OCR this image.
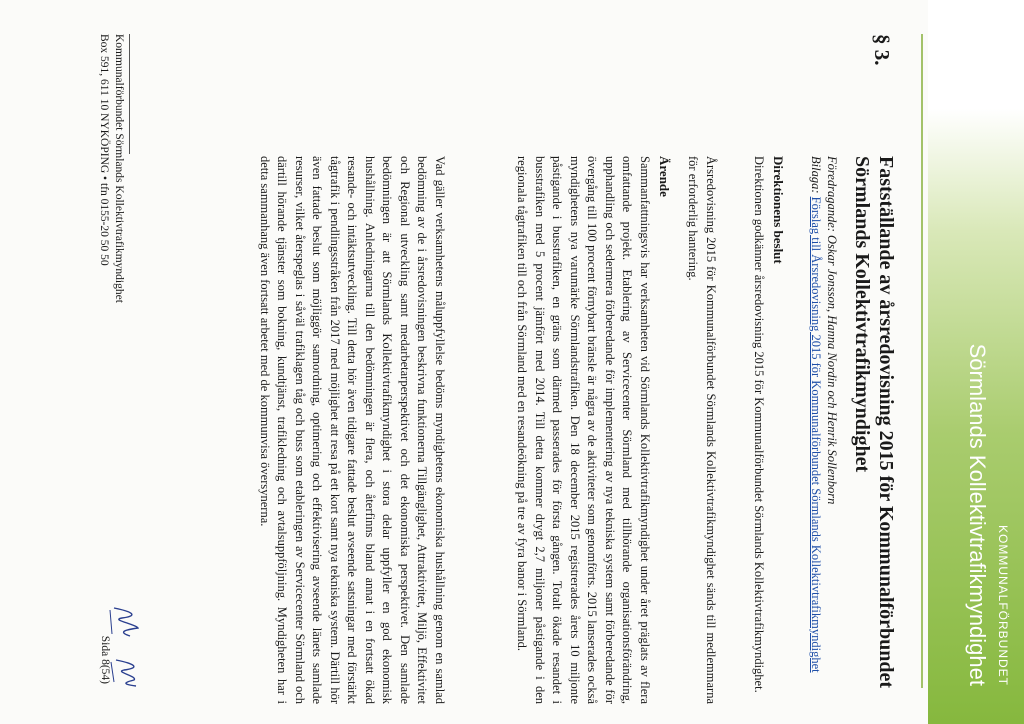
KOMMUNALFÖRBUNDET
Sörmlands Kollektivtrafikmyndighet
§ 3.
Fastställande av årsredovisning 2015 för Kommunalförbundet Sörmlands Kollektivtrafikmyndighet
Föredragande: Oskar Jonsson, Hanna Nordin och Henrik Sollenborn
Bilaga: Förslag till Årsredovisning 2015 för Kommunalförbundet Sörmlands Kollektivtrafikmyndighet
Direktionens beslut
Direktionen godkänner årsredovisning 2015 för Kommunalförbundet Sörmlands Kollektivtrafikmyndighet.
Årsredovisning 2015 för Kommunalförbundet Sörmlands Kollektivtrafikmyndighet sänds till medlemmarna för erforderlig hantering.
Ärende
Sammanfattningsvis har verksamheten vid Sörmlands Kollektivtrafikmyndighet under året präglats av flera omfattande projekt. Etablering av Servicecenter Sörmland med tillhörande organisationsförändring, upphandling och sedermera förberedande för implementering av nya tekniska system samt förberedande för övergång till 100 procent förnybart bränsle är några av de aktiviteter som genomförts. 2015 lanserades också myndighetens nya varumärke Sörmlandstrafiken. Den 18 december 2015 registrerades årets 10 miljonte påstigande i busstrafiken, en gräns som därmed passerades för första gången. Totalt ökade resandet i busstrafiken med 5 procent jämfört med 2014. Till detta kommer drygt 2,7 miljoner påstigande i den regionala tågtrafiken till och från Sörmland med en resandeökning på tre av fyra banor i Sörmland.
Vad gäller verksamhetens måluppfyllelse bedöms myndighetens ekonomiska hushållning genom en samlad bedömning av de i årsredovisningen beskrivna funktionerna Tillgänglighet, Attraktivitet, Miljö, Effektivitet och Regional utveckling samt medarbetarperspektivet och det ekonomiska perspektivet. Den samlade bedömningen är att Sörmlands Kollektivtrafikmyndighet i stora delar uppfyller en god ekonomisk hushållning. Anledningarna till den bedömningen är flera, och återfinns bland annat i en fortsatt ökad resande- och intäktsutveckling. Till detta hör även tidigare fattade beslut avseende satsningar med förstärkt tågtrafik i pendlingsstråken från 2017 med möjlighet att resa på ett kort samt nya tekniska system. Därtill hör även fattade beslut som möjliggör samordning, optimering och effektivisering avseende länets samlade resurser, vilket återspeglas i såväl trafiklagen tåg och buss som etableringen av Servicecenter Sörmland och därtill hörande tjänster som bokning, kundtjänst, trafikledning och avtalsuppföljning. Myndigheten har i detta sammanhang även fortsatt arbetet med de kommunvisa översynerna.
Kommunalförbundet Sörmlands Kollektivtrafikmyndighet
Box 591, 611 10 NYKÖPING • tfn 0155-20 50 50
Sida 8(54)
